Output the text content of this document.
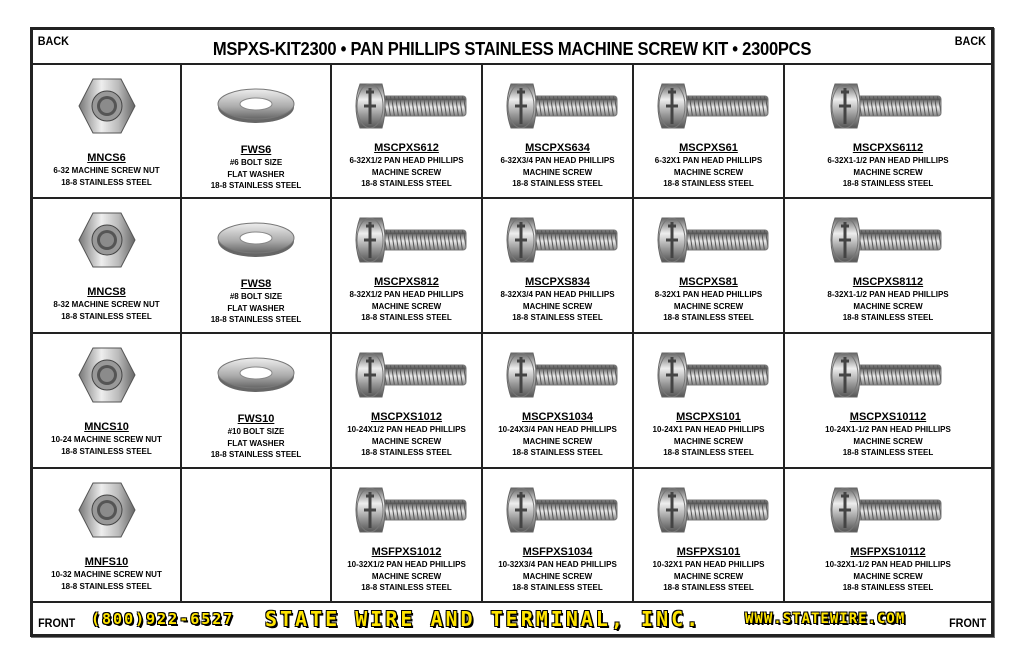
BACK	BACK
MSPXS-KIT2300 • PAN PHILLIPS STAINLESS MACHINE SCREW KIT • 2300PCS
MNCS6
6-32 MACHINE SCREW NUT
18-8 STAINLESS STEEL
FWS6
#6 BOLT SIZE
FLAT WASHER
18-8 STAINLESS STEEL
MSCPXS612
6-32X1/2 PAN HEAD PHILLIPS
MACHINE SCREW
18-8 STAINLESS STEEL
MSCPXS634
6-32X3/4 PAN HEAD PHILLIPS
MACHINE SCREW
18-8 STAINLESS STEEL
MSCPXS61
6-32X1 PAN HEAD PHILLIPS
MACHINE SCREW
18-8 STAINLESS STEEL
MSCPXS6112
6-32X1-1/2 PAN HEAD PHILLIPS
MACHINE SCREW
18-8 STAINLESS STEEL
MNCS8
8-32 MACHINE SCREW NUT
18-8 STAINLESS STEEL
FWS8
#8 BOLT SIZE
FLAT WASHER
18-8 STAINLESS STEEL
MSCPXS812
8-32X1/2 PAN HEAD PHILLIPS
MACHINE SCREW
18-8 STAINLESS STEEL
MSCPXS834
8-32X3/4 PAN HEAD PHILLIPS
MACHINE SCREW
18-8 STAINLESS STEEL
MSCPXS81
8-32X1 PAN HEAD PHILLIPS
MACHINE SCREW
18-8 STAINLESS STEEL
MSCPXS8112
8-32X1-1/2 PAN HEAD PHILLIPS
MACHINE SCREW
18-8 STAINLESS STEEL
MNCS10
10-24 MACHINE SCREW NUT
18-8 STAINLESS STEEL
FWS10
#10 BOLT SIZE
FLAT WASHER
18-8 STAINLESS STEEL
MSCPXS1012
10-24X1/2 PAN HEAD PHILLIPS
MACHINE SCREW
18-8 STAINLESS STEEL
MSCPXS1034
10-24X3/4 PAN HEAD PHILLIPS
MACHINE SCREW
18-8 STAINLESS STEEL
MSCPXS101
10-24X1 PAN HEAD PHILLIPS
MACHINE SCREW
18-8 STAINLESS STEEL
MSCPXS10112
10-24X1-1/2 PAN HEAD PHILLIPS
MACHINE SCREW
18-8 STAINLESS STEEL
MNFS10
10-32 MACHINE SCREW NUT
18-8 STAINLESS STEEL
MSFPXS1012
10-32X1/2 PAN HEAD PHILLIPS
MACHINE SCREW
18-8 STAINLESS STEEL
MSFPXS1034
10-32X3/4 PAN HEAD PHILLIPS
MACHINE SCREW
18-8 STAINLESS STEEL
MSFPXS101
10-32X1 PAN HEAD PHILLIPS
MACHINE SCREW
18-8 STAINLESS STEEL
MSFPXS10112
10-32X1-1/2 PAN HEAD PHILLIPS
MACHINE SCREW
18-8 STAINLESS STEEL
FRONT (800)922-6527 STATE WIRE AND TERMINAL, INC.	WWW.STATEWIRE.COM	FRONT
